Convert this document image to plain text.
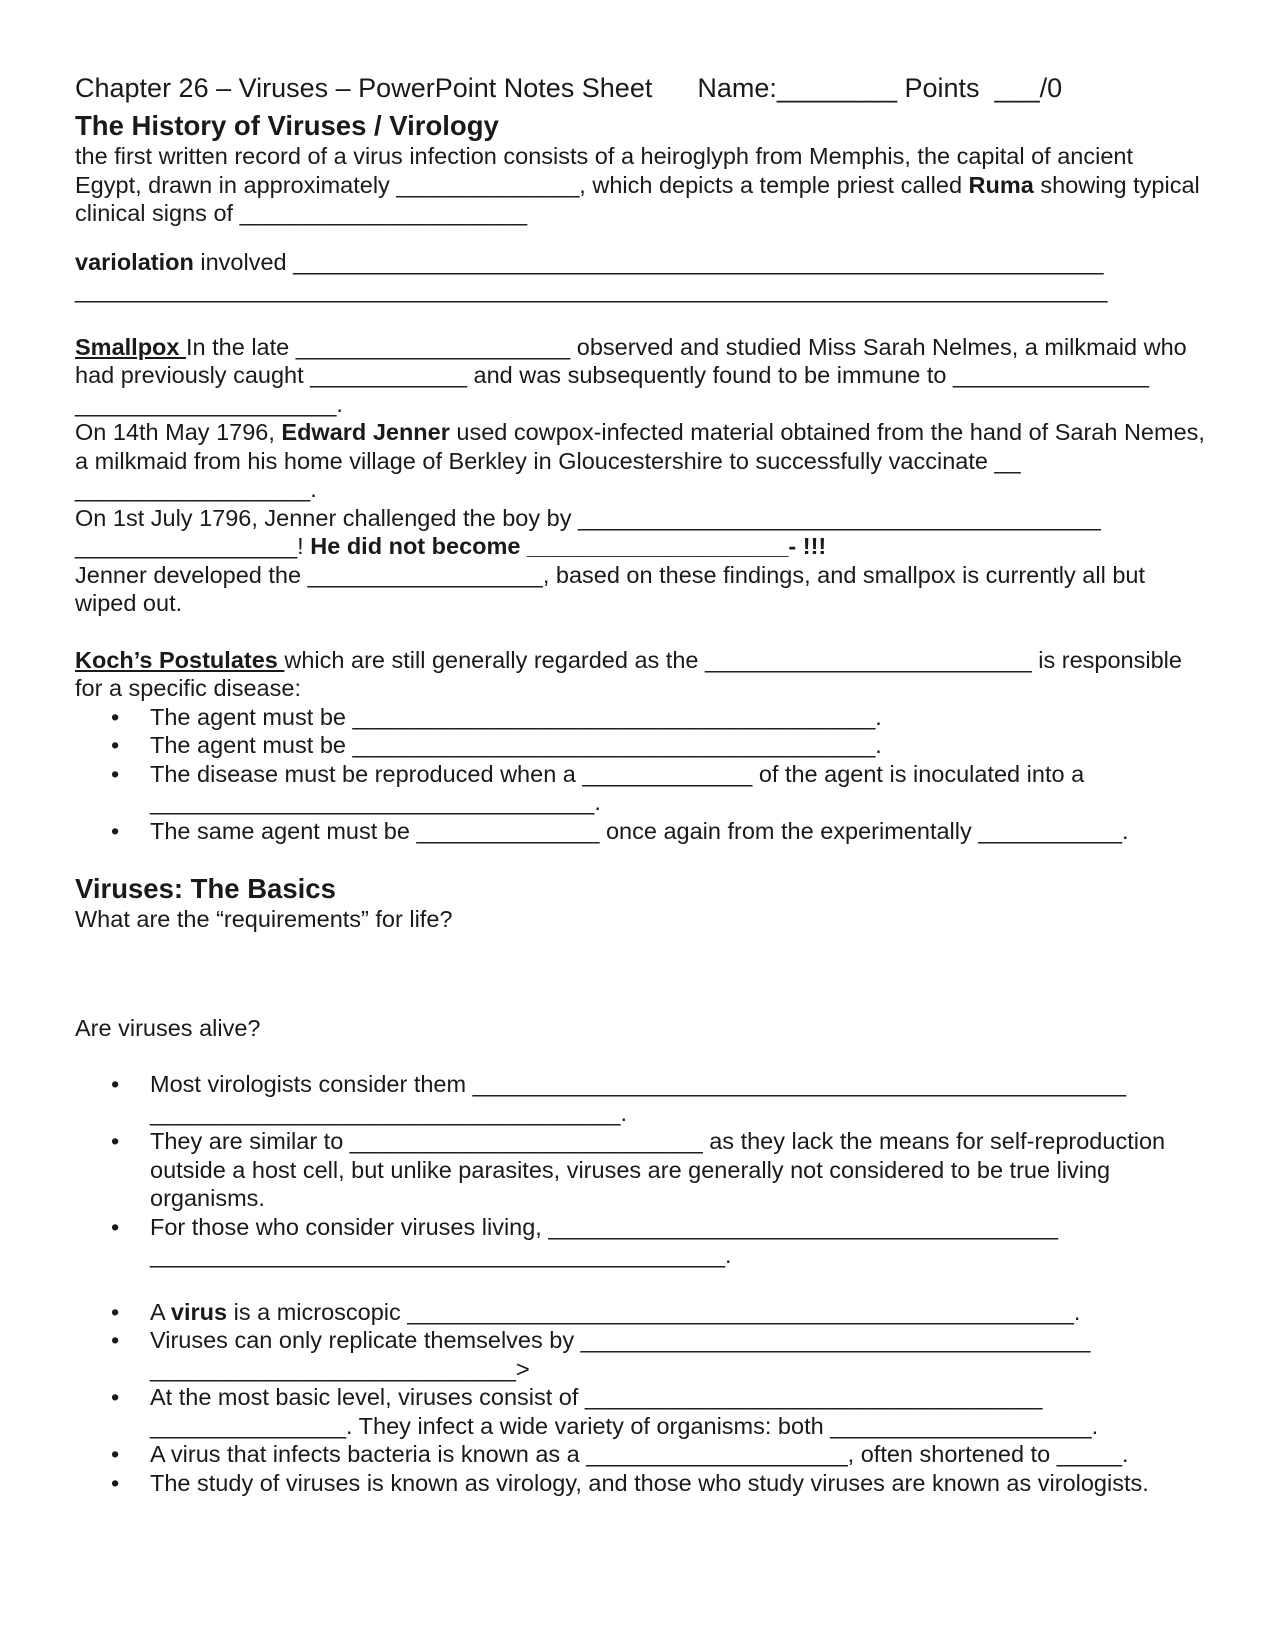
Chapter 26 – Viruses – PowerPoint Notes Sheet      Name:________ Points  ___/0

The History of Viruses / Virology

the first written record of a virus infection consists of a heiroglyph from Memphis, the capital of ancient Egypt, drawn in approximately ______________, which depicts a temple priest called Ruma showing typical clinical signs of ______________________

variolation involved ______________________________________________________________

_______________________________________________________________________________

Smallpox In the late _____________________ observed and studied Miss Sarah Nelmes, a milkmaid who had previously caught ____________ and was subsequently found to be immune to _______________ ____________________.

On 14th May 1796, Edward Jenner used cowpox-infected material obtained from the hand of Sarah Nemes, a milkmaid from his home village of Berkley in Gloucestershire to successfully vaccinate __ __________________.

On 1st July 1796, Jenner challenged the boy by ________________________________________ _________________! He did not become ____________________- !!!

Jenner developed the __________________, based on these findings, and smallpox is currently all but wiped out.

Koch’s Postulates which are still generally regarded as the _________________________ is responsible for a specific disease:

• The agent must be ________________________________________.
• The agent must be ________________________________________.
• The disease must be reproduced when a _____________ of the agent is inoculated into a __________________________________.
• The same agent must be ______________ once again from the experimentally ___________.
Viruses: The Basics

What are the “requirements” for life?

Are viruses alive?

• Most virologists consider them __________________________________________________ ____________________________________.
• They are similar to ___________________________ as they lack the means for self-reproduction outside a host cell, but unlike parasites, viruses are generally not considered to be true living organisms.
• For those who consider viruses living, _______________________________________ ____________________________________________.
• A virus is a microscopic ___________________________________________________.
• Viruses can only replicate themselves by _______________________________________ ____________________________>
• At the most basic level, viruses consist of ___________________________________ _______________. They infect a wide variety of organisms: both ____________________.
• A virus that infects bacteria is known as a ____________________, often shortened to _____.
• The study of viruses is known as virology, and those who study viruses are known as virologists.
